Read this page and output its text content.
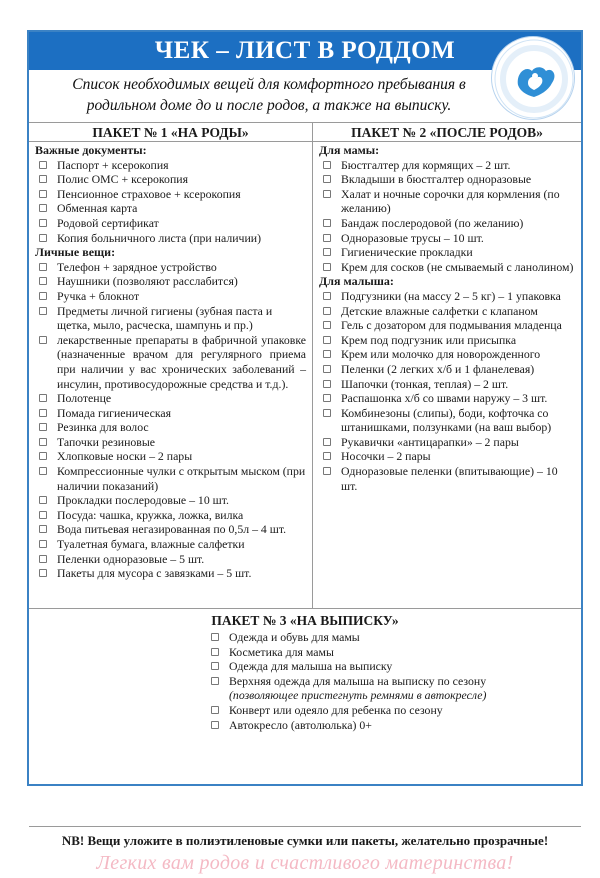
ЧЕК – ЛИСТ В РОДДОМ
Список необходимых вещей для комфортного пребывания в родильном доме до и после родов, а также на выписку.
ПАКЕТ № 1 «НА РОДЫ»
Важные документы:
Паспорт + ксерокопия
Полис ОМС + ксерокопия
Пенсионное страховое + ксерокопия
Обменная карта
Родовой сертификат
Копия больничного листа (при наличии)
Личные вещи:
Телефон + зарядное устройство
Наушники (позволяют расслабится)
Ручка + блокнот
Предметы личной гигиены (зубная паста и щетка, мыло, расческа, шампунь и пр.)
лекарственные препараты в фабричной упаковке (назначенные врачом для регулярного приема при наличии у вас хронических заболеваний – инсулин, противосудорожные средства и т.д.).
Полотенце
Помада гигиеническая
Резинка для волос
Тапочки резиновые
Хлопковые носки – 2 пары
Компрессионные чулки с открытым мыском (при наличии показаний)
Прокладки послеродовые – 10 шт.
Посуда: чашка, кружка, ложка, вилка
Вода питьевая негазированная по 0,5л – 4 шт.
Туалетная бумага, влажные салфетки
Пеленки одноразовые – 5 шт.
Пакеты для мусора с завязками – 5 шт.
ПАКЕТ № 2 «ПОСЛЕ РОДОВ»
Для мамы:
Бюстгалтер для кормящих – 2 шт.
Вкладыши в бюстгалтер одноразовые
Халат и ночные сорочки для кормления (по желанию)
Бандаж послеродовой (по желанию)
Одноразовые трусы – 10 шт.
Гигиенические прокладки
Крем для сосков (не смываемый с ланолином)
Для малыша:
Подгузники (на массу 2 – 5 кг) – 1 упаковка
Детские влажные салфетки с клапаном
Гель с дозатором для подмывания младенца
Крем под подгузник или присыпка
Крем или молочко для новорожденного
Пеленки (2 легких х/б и 1 фланелевая)
Шапочки (тонкая, теплая) – 2 шт.
Распашонка х/б со швами наружу – 3 шт.
Комбинезоны (слипы), боди, кофточка со штанишками, ползунками (на ваш выбор)
Рукавички «антицарапки» – 2 пары
Носочки – 2 пары
Одноразовые пеленки (впитывающие) – 10 шт.
ПАКЕТ № 3 «НА ВЫПИСКУ»
Одежда и обувь для мамы
Косметика для мамы
Одежда для малыша на выписку
Верхняя одежда для малыша на выписку по сезону
(позволяющее пристегнуть ремнями в автокресле)
Конверт или одеяло для ребенка по сезону
Автокресло (автолюлька) 0+
NB! Вещи уложите в полиэтиленовые сумки или пакеты, желательно прозрачные!
Легких вам родов и счастливого материнства!
